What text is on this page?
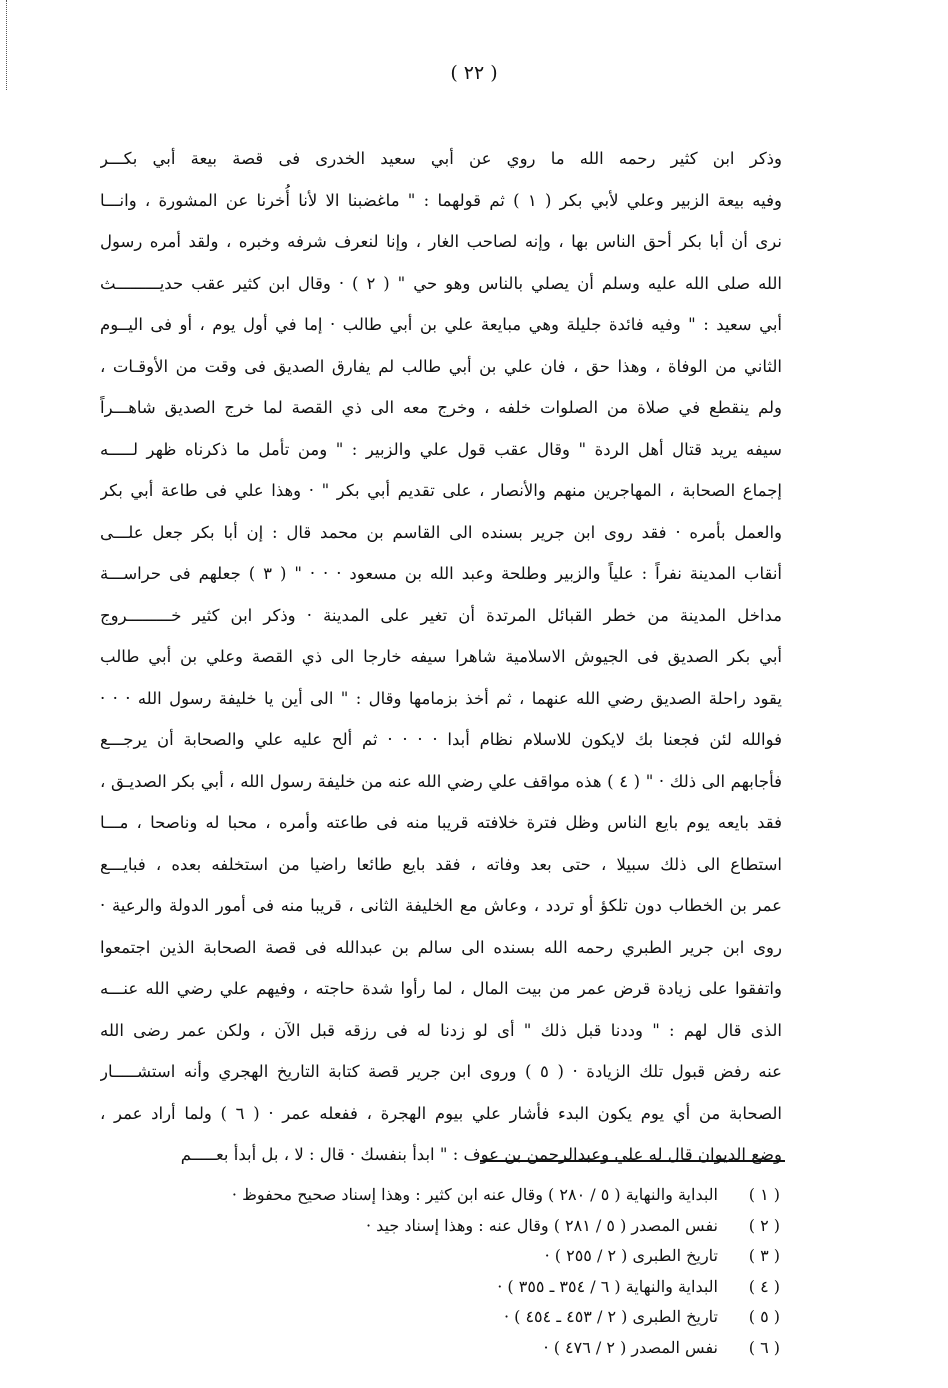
( ٢٢ )
وذكر ابن كثير رحمه الله ما روي عن أبي سعيد الخدرى فى قصة بيعة أبي بكـــر
وفيه بيعة الزبير وعلي لأبي بكر ( ١ ) ثم قولهما : " ماغضبنا الا لأنا أُخرنا عن المشورة ، وانـــا
نرى أن أبا بكر أحق الناس بها ، وإنه لصاحب الغار ، وإنا لنعرف شرفه وخبره ، ولقد أمره رسول
الله صلى الله عليه وسلم أن يصلي بالناس وهو حي " ( ٢ ) · وقال ابن كثير عقب حديـــــــــث
أبي سعيد : " وفيه فائدة جليلة وهي مبايعة علي بن أبي طالب · إما في أول يوم ، أو فى اليــوم
الثاني من الوفاة ، وهذا حق ، فان علي بن أبي طالب لم يفارق الصديق فى وقت من الأوقـات ،
ولم ينقطع في صلاة من الصلوات خلفه ، وخرج معه الى ذي القصة لما خرج الصديق شاهـــراً
سيفه يريد قتال أهل الردة " وقال عقب قول علي والزبير : " ومن تأمل ما ذكرناه ظهر لـــــه
إجماع الصحابة ، المهاجرين منهم والأنصار ، على تقديم أبي بكر " · وهذا علي فى طاعة أبي بكر
والعمل بأمره · فقد روى ابن جرير بسنده الى القاسم بن محمد قال : إن أبا بكر جعل علـــى
أنقاب المدينة نفراً : علياً والزبير وطلحة وعبد الله بن مسعود · · · " ( ٣ ) جعلهم فى حراســـة
مداخل المدينة من خطر القبائل المرتدة أن تغير على المدينة · وذكر ابن كثير خـــــــــروج
أبي بكر الصديق فى الجيوش الاسلامية شاهرا سيفه خارجا الى ذي القصة وعلي بن أبي طالب
يقود راحلة الصديق رضي الله عنهما ، ثم أخذ بزمامها وقال : " الى أين يا خليفة رسول الله · · ·
فوالله لئن فجعنا بك لايكون للاسلام نظام أبدا · · · · ثم ألح عليه علي والصحابة أن يرجـــع
فأجابهم الى ذلك · " ( ٤ ) هذه مواقف علي رضي الله عنه من خليفة رسول الله ، أبي بكر الصديـق ،
فقد بايعه يوم بايع الناس وظل فترة خلافته قريبا منه فى طاعته وأمره ، محبا له وناصحا ، مـــا
استطاع الى ذلك سبيلا ، حتى بعد وفاته ، فقد بايع طائعا راضيا من استخلفه بعده ، فبايـــع
عمر بن الخطاب دون تلكؤ أو تردد ، وعاش مع الخليفة الثانى ، قريبا منه فى أمور الدولة والرعية ·
روى ابن جرير الطبري رحمه الله بسنده الى سالم بن عبدالله فى قصة الصحابة الذين اجتمعوا
واتفقوا على زيادة قرض عمر من بيت المال ، لما رأوا شدة حاجته ، وفيهم علي رضي الله عنـــه
الذى قال لهم : " وددنا قبل ذلك " أى لو زدنا له فى رزقه قبل الآن ، ولكن عمر رضى الله
عنه رفض قبول تلك الزيادة · ( ٥ ) وروى ابن جرير قصة كتابة التاريخ الهجري وأنه استشـــــار
الصحابة من أي يوم يكون البدء فأشار علي بيوم الهجرة ، ففعله عمر · ( ٦ ) ولما أراد عمر ،
وضع الديوان قال له علي وعبدالرحمن بن عوف : " ابدأ بنفسك · قال : لا ، بل أبدأ بعـــــم
( ١ )
البداية والنهاية ( ٥ / ٢٨٠ ) وقال عنه ابن كثير : وهذا إسناد صحيح محفوظ ·
( ٢ )
نفس المصدر ( ٥ / ٢٨١ ) وقال عنه : وهذا إسناد جيد ·
( ٣ )
تاريخ الطبرى ( ٢ / ٢٥٥ ) ·
( ٤ )
البداية والنهاية ( ٦ / ٣٥٤ ـ ٣٥٥ ) ·
( ٥ )
تاريخ الطبرى ( ٢ / ٤٥٣ ـ ٤٥٤ ) ·
( ٦ )
نفس المصدر ( ٢ / ٤٧٦ ) ·
